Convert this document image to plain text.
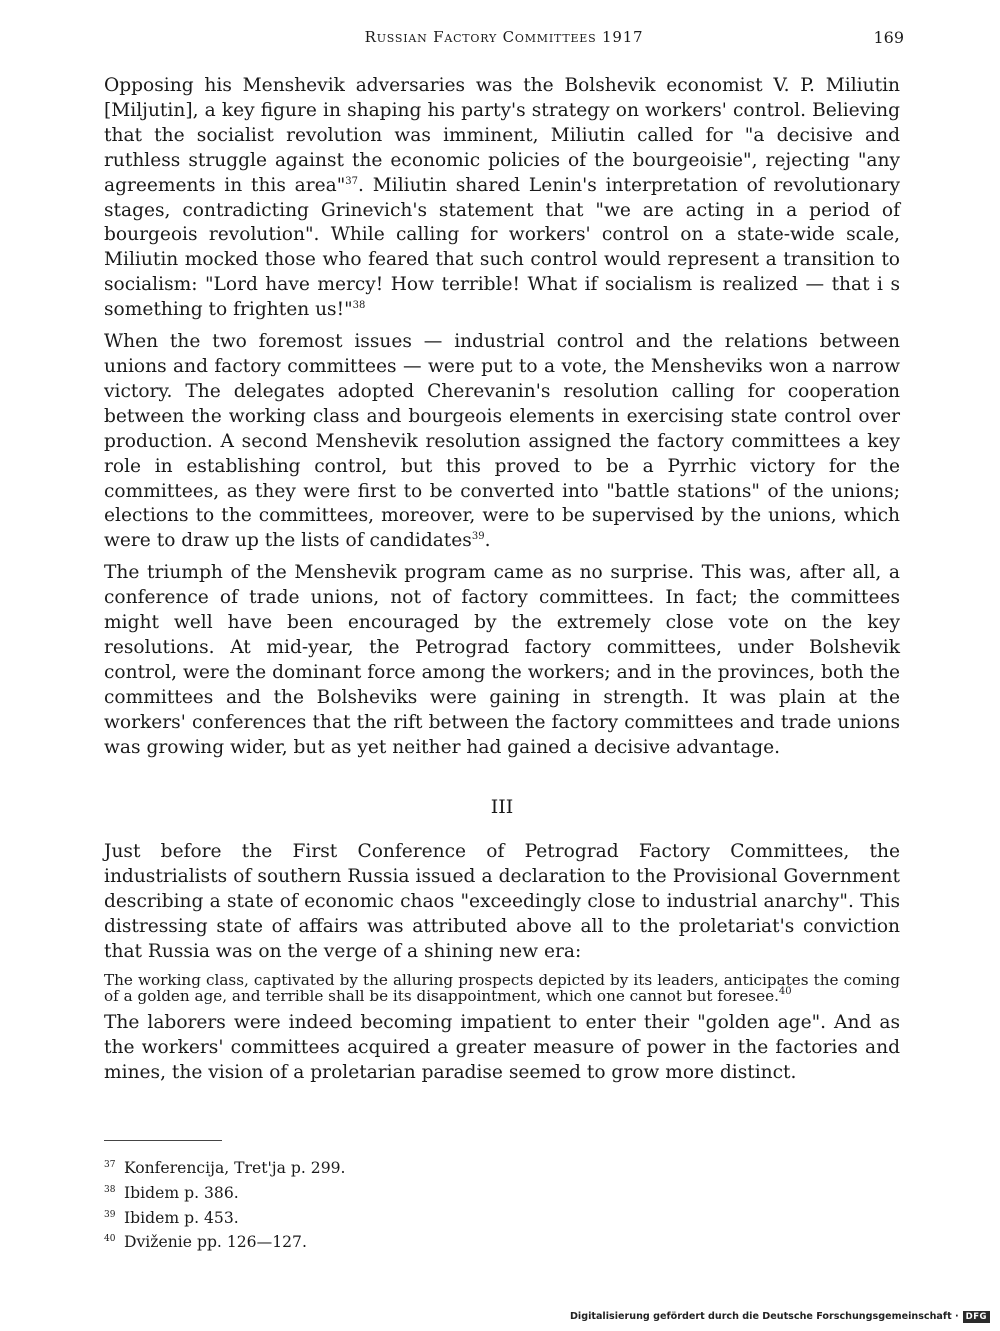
Russian Factory Committees 1917	169

Opposing his Menshevik adversaries was the Bolshevik economist V. P. Miliutin [Miljutin], a key figure in shaping his party's strategy on workers' control. Believing that the socialist revolution was imminent, Miliutin called for "a decisive and ruthless struggle against the economic policies of the bourgeoisie", rejecting "any agreements in this area"$^{37}$. Miliutin shared Lenin's interpretation of revolutionary stages, contradicting Grinevich's statement that "we are acting in a period of bourgeois revolution". While calling for workers' control on a state-wide scale, Miliutin mocked those who feared that such control would represent a transition to socialism: "Lord have mercy! How terrible! What if socialism is realized — that i s something to frighten us!"$^{38}$

When the two foremost issues — industrial control and the relations between unions and factory committees — were put to a vote, the Mensheviks won a narrow victory. The delegates adopted Cherevanin's resolution calling for cooperation between the working class and bourgeois elements in exercising state control over production. A second Menshevik resolution assigned the factory committees a key role in establishing control, but this proved to be a Pyrrhic victory for the committees, as they were first to be converted into "battle stations" of the unions; elections to the committees, moreover, were to be supervised by the unions, which were to draw up the lists of candidates$^{39}$.

The triumph of the Menshevik program came as no surprise. This was, after all, a conference of trade unions, not of factory committees. In fact; the committees might well have been encouraged by the extremely close vote on the key resolutions. At mid-year, the Petrograd factory committees, under Bolshevik control, were the dominant force among the workers; and in the provinces, both the committees and the Bolsheviks were gaining in strength. It was plain at the workers' conferences that the rift between the factory committees and trade unions was growing wider, but as yet neither had gained a decisive advantage.

III

Just before the First Conference of Petrograd Factory Committees, the industrialists of southern Russia issued a declaration to the Provisional Government describing a state of economic chaos "exceedingly close to industrial anarchy". This distressing state of affairs was attributed above all to the proletariat's conviction that Russia was on the verge of a shining new era:

The working class, captivated by the alluring prospects depicted by its leaders, anticipates the coming of a golden age, and terrible shall be its disappointment, which one cannot but foresee.$^{40}$

The laborers were indeed becoming impatient to enter their "golden age". And as the workers' committees acquired a greater measure of power in the factories and mines, the vision of a proletarian paradise seemed to grow more distinct.

$^{37}$ Konferencija, Tret'ja p. 299.
$^{38}$ Ibidem p. 386.
$^{39}$ Ibidem p. 453.
$^{40}$ Dviženie pp. 126—127.
Digitalisierung gefördert durch die Deutsche Forschungsgemeinschaft · DFG
